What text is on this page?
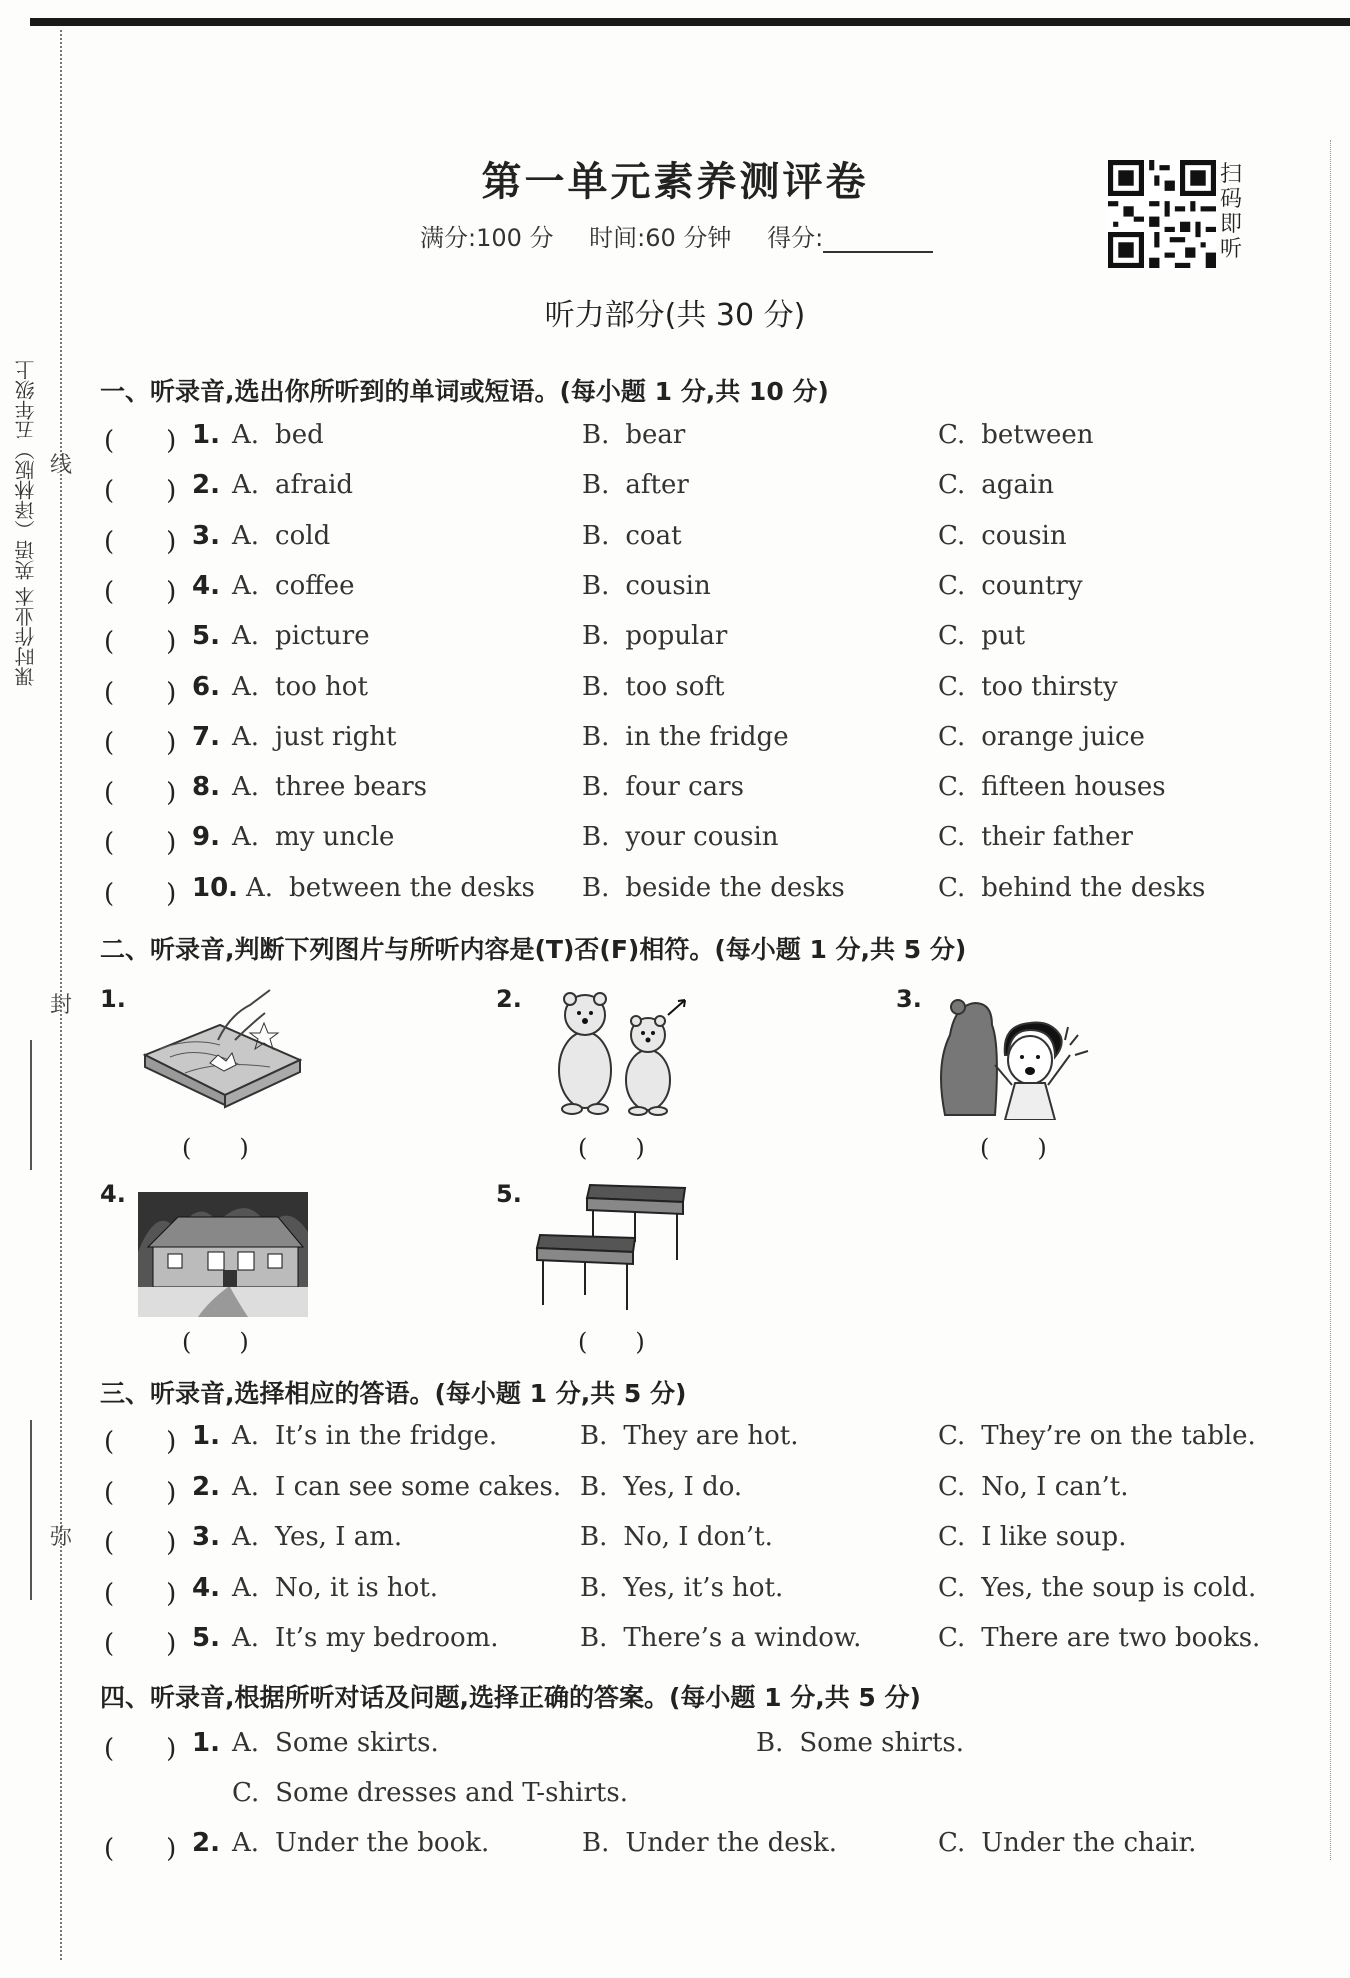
线
封
弥
课时作业本 英语（译林版）五年级上
第一单元素养测评卷
满分:100 分 时间:60 分钟 得分:
扫
码
即
听
听力部分(共 30 分)
一、听录音,选出你所听到的单词或短语。(每小题 1 分,共 10 分)
(　　) 1. A. bed	B. bear	C. between
(　　) 2. A. afraid	B. after	C. again
(　　) 3. A. cold	B. coat	C. cousin
(　　) 4. A. coffee	B. cousin	C. country
(　　) 5. A. picture	B. popular	C. put
(　　) 6. A. too hot	B. too soft	C. too thirsty
(　　) 7. A. just right	B. in the fridge	C. orange juice
(　　) 8. A. three bears	B. four cars	C. fifteen houses
(　　) 9. A. my uncle	B. your cousin	C. their father
(　　) 10. A. between the desks B. beside the desks	C. behind the desks
二、听录音,判断下列图片与所听内容是(T)否(F)相符。(每小题 1 分,共 5 分)
1.
(　　)
2.
(　　)
3.
(　　)
4.
(　　)
5.
(　　)
三、听录音,选择相应的答语。(每小题 1 分,共 5 分)
(　　) 1. A. It’s in the fridge.	B. They are hot.	C. They’re on the table.
(　　) 2. A. I can see some cakes. B. Yes, I do.	C. No, I can’t.
(　　) 3. A. Yes, I am.	B. No, I don’t.	C. I like soup.
(　　) 4. A. No, it is hot.	B. Yes, it’s hot.	C. Yes, the soup is cold.
(　　) 5. A. It’s my bedroom.	B. There’s a window.	C. There are two books.
四、听录音,根据所听对话及问题,选择正确的答案。(每小题 1 分,共 5 分)
(　　) 1. A. Some skirts.	B. Some shirts.
C. Some dresses and T-shirts.
(　　) 2. A. Under the book.	B. Under the desk.	C. Under the chair.
